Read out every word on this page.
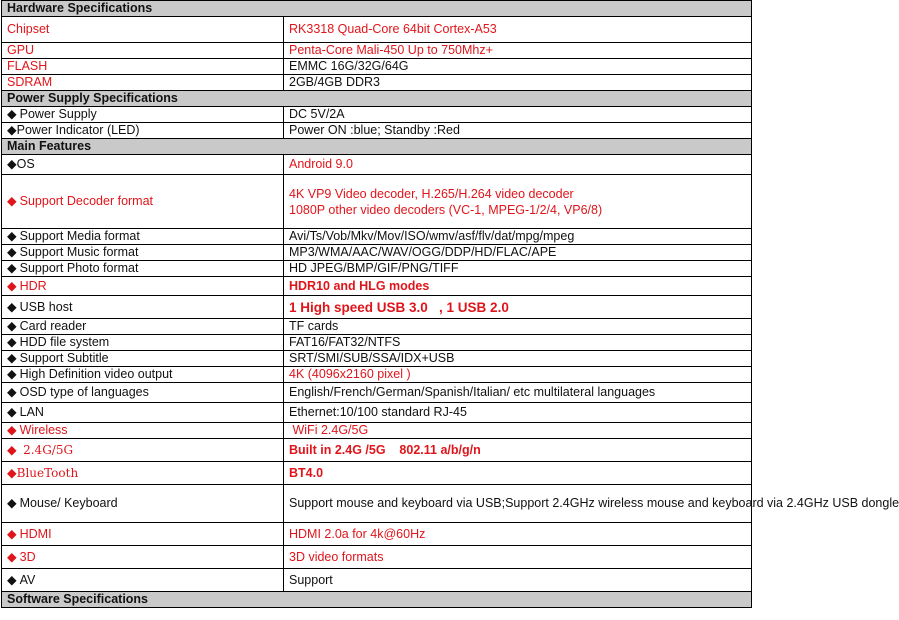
Hardware Specifications	
Chipset	RK3318 Quad-Core 64bit Cortex-A53
GPU	Penta-Core Mali-450 Up to 750Mhz+
FLASH	EMMC 16G/32G/64G
SDRAM	2GB/4GB DDR3
Power Supply Specifications	
◆ Power Supply	DC 5V/2A
◆Power Indicator (LED)	Power ON :blue; Standby :Red
Main Features	
◆OS	Android 9.0
◆ Support Decoder format	4K VP9 Video decoder, H.265/H.264 video decoder
1080P other video decoders (VC-1, MPEG-1/2/4, VP6/8)

◆ Support Media format	Avi/Ts/Vob/Mkv/Mov/ISO/wmv/asf/flv/dat/mpg/mpeg
◆ Support Music format	MP3/WMA/AAC/WAV/OGG/DDP/HD/FLAC/APE
◆ Support Photo format	HD JPEG/BMP/GIF/PNG/TIFF
◆ HDR	HDR10 and HLG modes
◆ USB host	1 High speed USB 3.0   , 1 USB 2.0
◆ Card reader	TF cards
◆ HDD file system	FAT16/FAT32/NTFS
◆ Support Subtitle	SRT/SMI/SUB/SSA/IDX+USB
◆ High Definition video output	4K (4096x2160 pixel )
◆ OSD type of languages	English/French/German/Spanish/Italian/ etc multilateral languages
◆ LAN	Ethernet:10/100 standard RJ-45
◆ Wireless	WiFi 2.4G/5G
◆ 2.4G/5G	Built in 2.4G /5G    802.11 a/b/g/n
◆BlueTooth	BT4.0
◆ Mouse/ Keyboard	Support mouse and keyboard via USB;Support 2.4GHz wireless mouse and keyboard via 2.4GHz USB dongle
◆ HDMI	HDMI 2.0a for 4k@60Hz
◆ 3D	3D video formats
◆ AV	Support
Software Specifications	
